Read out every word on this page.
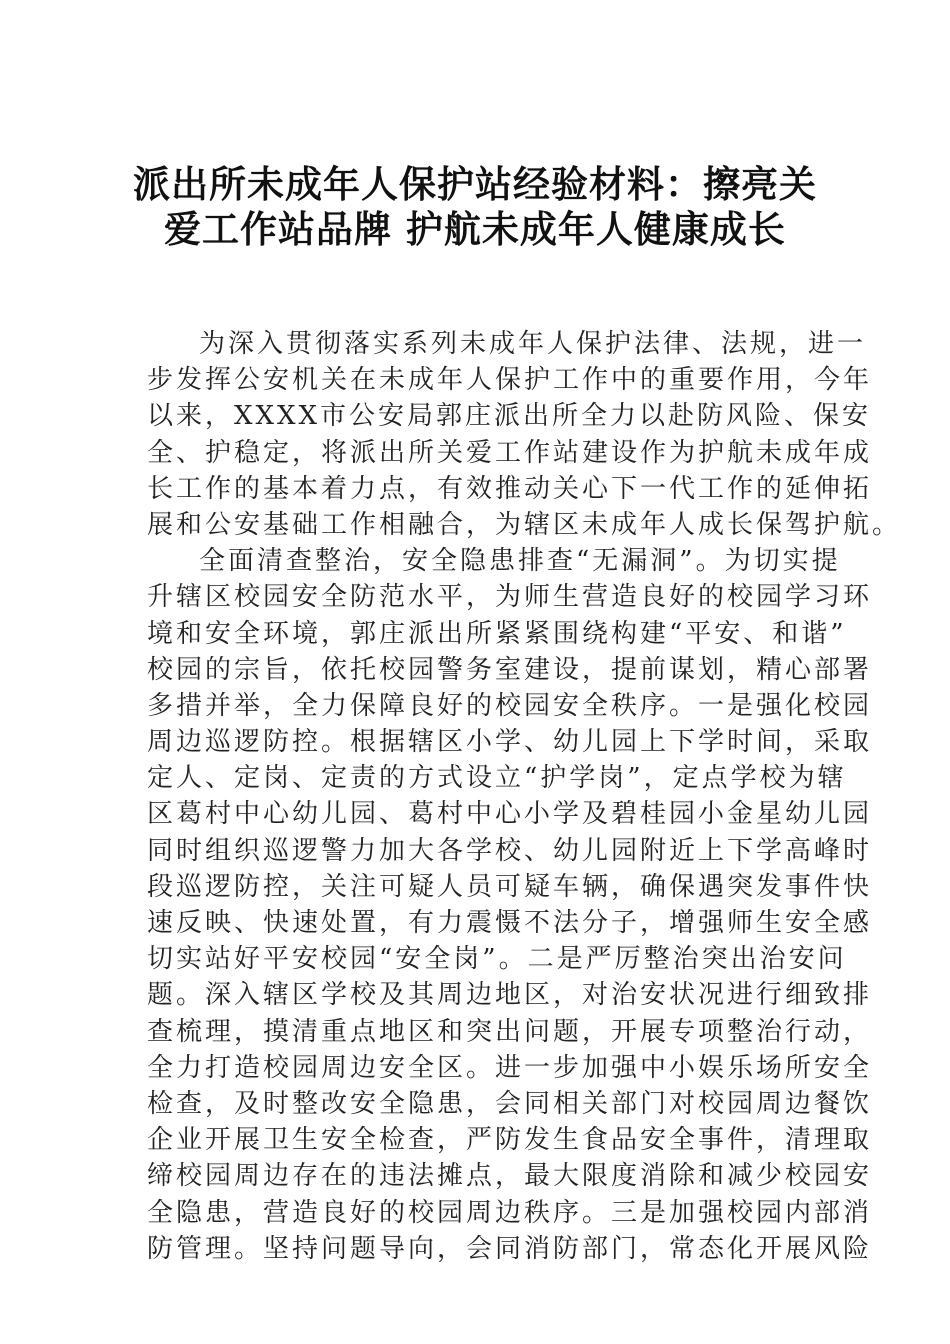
派出所未成年人保护站经验材料：擦亮关
爱工作站品牌 护航未成年人健康成长
为深入贯彻落实系列未成年人保护法律、法规，进一
步发挥公安机关在未成年人保护工作中的重要作用，今年
以来，XXXX市公安局郭庄派出所全力以赴防风险、保安
全、护稳定，将派出所关爱工作站建设作为护航未成年成
长工作的基本着力点，有效推动关心下一代工作的延伸拓
展和公安基础工作相融合，为辖区未成年人成长保驾护航。
全面清查整治，安全隐患排查“无漏洞”。为切实提
升辖区校园安全防范水平，为师生营造良好的校园学习环
境和安全环境，郭庄派出所紧紧围绕构建“平安、和谐”
校园的宗旨，依托校园警务室建设，提前谋划，精心部署
多措并举，全力保障良好的校园安全秩序。一是强化校园
周边巡逻防控。根据辖区小学、幼儿园上下学时间，采取
定人、定岗、定责的方式设立“护学岗”，定点学校为辖
区葛村中心幼儿园、葛村中心小学及碧桂园小金星幼儿园
同时组织巡逻警力加大各学校、幼儿园附近上下学高峰时
段巡逻防控，关注可疑人员可疑车辆，确保遇突发事件快
速反映、快速处置，有力震慑不法分子，增强师生安全感
切实站好平安校园“安全岗”。二是严厉整治突出治安问
题。深入辖区学校及其周边地区，对治安状况进行细致排
查梳理，摸清重点地区和突出问题，开展专项整治行动，
全力打造校园周边安全区。进一步加强中小娱乐场所安全
检查，及时整改安全隐患，会同相关部门对校园周边餐饮
企业开展卫生安全检查，严防发生食品安全事件，清理取
缔校园周边存在的违法摊点，最大限度消除和减少校园安
全隐患，营造良好的校园周边秩序。三是加强校园内部消
防管理。坚持问题导向，会同消防部门，常态化开展风险
